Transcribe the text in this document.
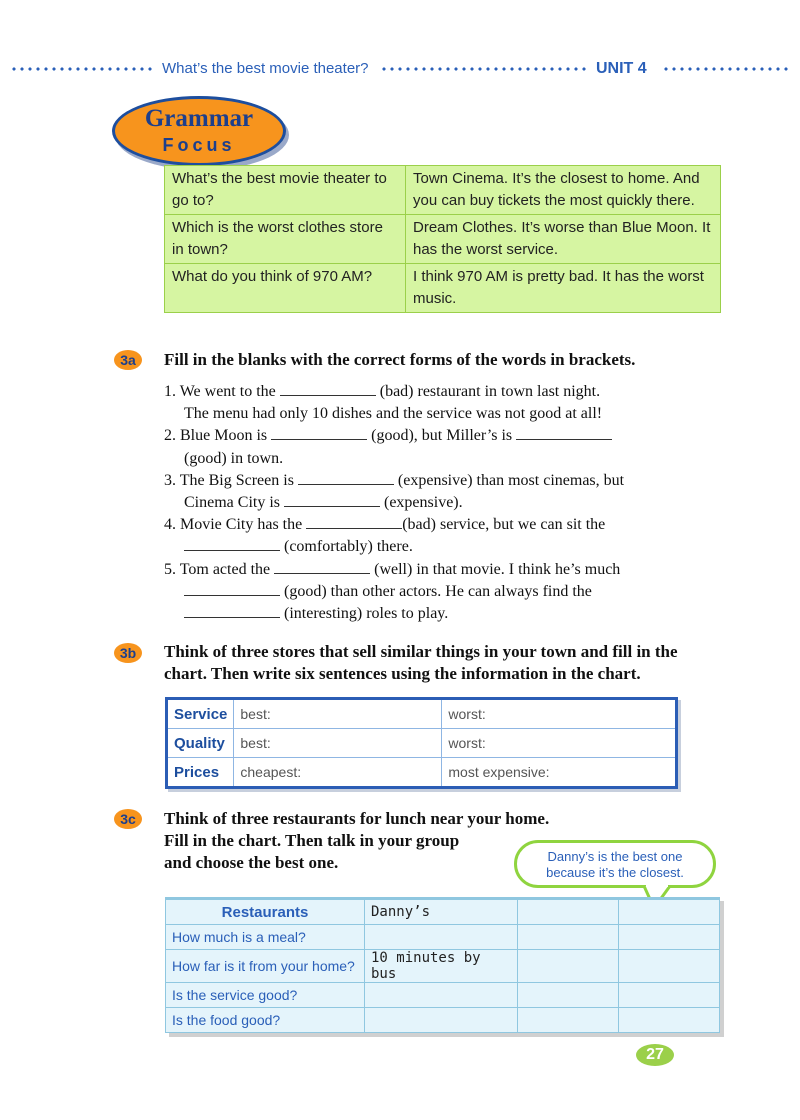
What’s the best movie theater?	UNIT 4
Grammar
Focus
What’s the best movie theater to go to?	Town Cinema. It’s the closest to home. And you can buy tickets the most quickly there.
Which is the worst clothes store in town?	Dream Clothes. It’s worse than Blue Moon. It has the worst service.
What do you think of 970 AM?	I think 970 AM is pretty bad. It has the worst music.
3a	Fill in the blanks with the correct forms of the words in brackets.
1. We went to the	(bad) restaurant in town last night.
The menu had only 10 dishes and the service was not good at all!
2. Blue Moon is	(good), but Miller’s is
(good) in town.
3. The Big Screen is	(expensive) than most cinemas, but
Cinema City is	(expensive).
4. Movie City has the	(bad) service, but we can sit the
(comfortably) there.
5. Tom acted the	(well) in that movie. I think he’s much
(good) than other actors. He can always find the
(interesting) roles to play.
3b	Think of three stores that sell similar things in your town and fill in the
chart. Then write six sentences using the information in the chart.
Service	best:	worst:
Quality	best:	worst:
Prices	cheapest:	most expensive:
3c	Think of three restaurants for lunch near your home.
Fill in the chart. Then talk in your group
and choose the best one.	Danny’s is the best one
because it’s the closest.
Restaurants	Danny’s		
How much is a meal?			
How far is it from your home?	10 minutes by bus		
Is the service good?			
Is the food good?			
27
